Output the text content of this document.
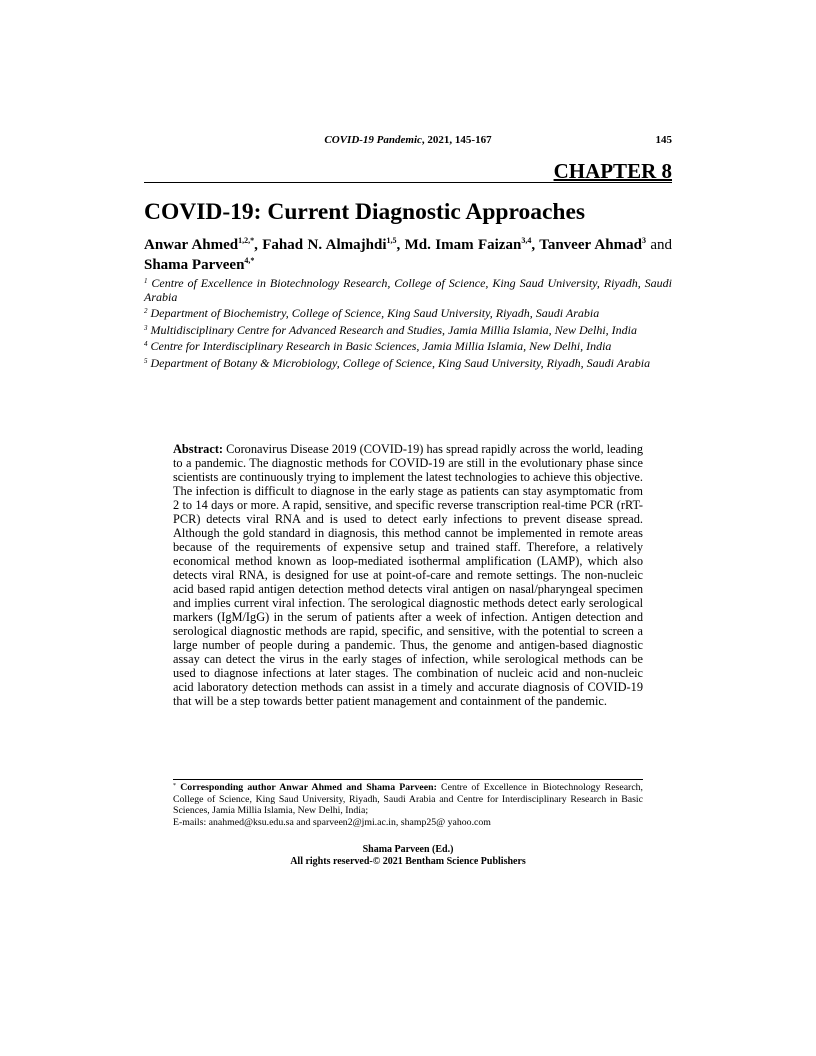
COVID-19 Pandemic, 2021, 145-167	145
CHAPTER 8
COVID-19: Current Diagnostic Approaches

Anwar Ahmed$^{1,2,*}$, Fahad N. Almajhdi$^{1,5}$, Md. Imam Faizan$^{3,4}$, Tanveer Ahmad$^3$ and Shama Parveen$^{4,*}$

$^1$ Centre of Excellence in Biotechnology Research, College of Science, King Saud University, Riyadh, Saudi Arabia

$^2$ Department of Biochemistry, College of Science, King Saud University, Riyadh, Saudi Arabia

$^3$ Multidisciplinary Centre for Advanced Research and Studies, Jamia Millia Islamia, New Delhi, India

$^4$ Centre for Interdisciplinary Research in Basic Sciences, Jamia Millia Islamia, New Delhi, India

$^5$ Department of Botany & Microbiology, College of Science, King Saud University, Riyadh, Saudi Arabia

Abstract: Coronavirus Disease 2019 (COVID-19) has spread rapidly across the world, leading to a pandemic. The diagnostic methods for COVID-19 are still in the evolutionary phase since scientists are continuously trying to implement the latest technologies to achieve this objective. The infection is difficult to diagnose in the early stage as patients can stay asymptomatic from 2 to 14 days or more. A rapid, sensitive, and specific reverse transcription real-time PCR (rRT-PCR) detects viral RNA and is used to detect early infections to prevent disease spread. Although the gold standard in diagnosis, this method cannot be implemented in remote areas because of the requirements of expensive setup and trained staff. Therefore, a relatively economical method known as loop-mediated isothermal amplification (LAMP), which also detects viral RNA, is designed for use at point-of-care and remote settings. The non-nucleic acid based rapid antigen detection method detects viral antigen on nasal/pharyngeal specimen and implies current viral infection. The serological diagnostic methods detect early serological markers (IgM/IgG) in the serum of patients after a week of infection. Antigen detection and serological diagnostic methods are rapid, specific, and sensitive, with the potential to screen a large number of people during a pandemic. Thus, the genome and antigen-based diagnostic assay can detect the virus in the early stages of infection, while serological methods can be used to diagnose infections at later stages. The combination of nucleic acid and non-nucleic acid laboratory detection methods can assist in a timely and accurate diagnosis of COVID-19 that will be a step towards better patient management and containment of the pandemic.

* Corresponding author Anwar Ahmed and Shama Parveen: Centre of Excellence in Biotechnology Research, College of Science, King Saud University, Riyadh, Saudi Arabia and Centre for Interdisciplinary Research in Basic Sciences, Jamia Millia Islamia, New Delhi, India;
E-mails: anahmed@ksu.edu.sa and sparveen2@jmi.ac.in, shamp25@ yahoo.com

Shama Parveen (Ed.)
All rights reserved-© 2021 Bentham Science Publishers
